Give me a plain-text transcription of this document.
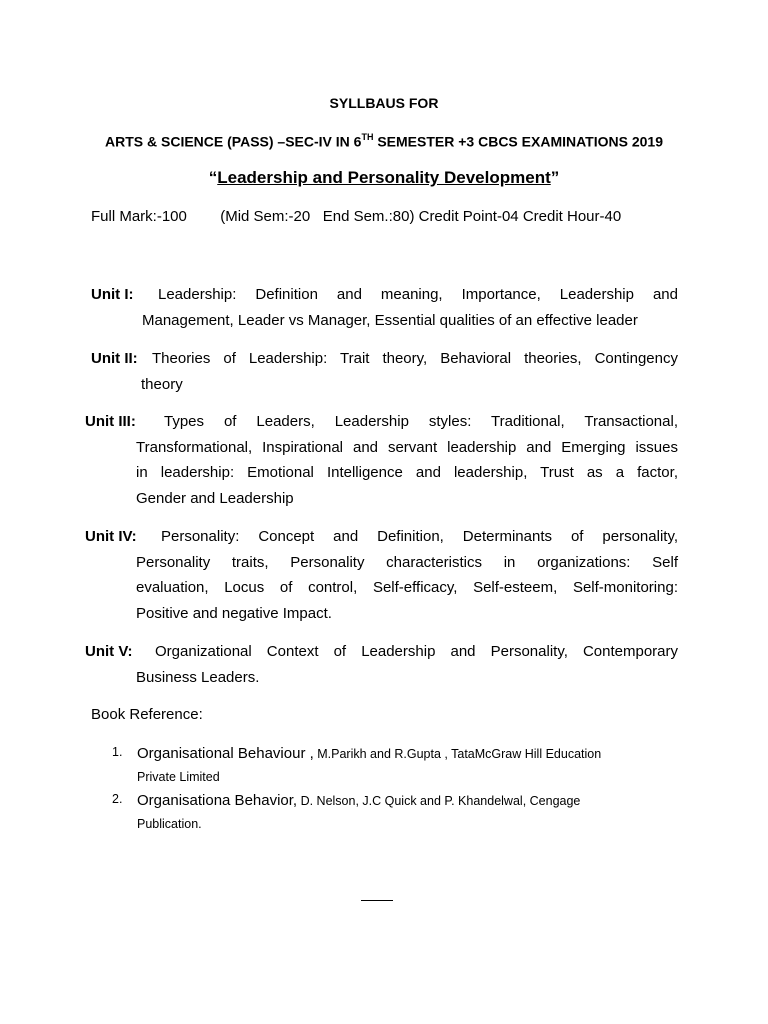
SYLLBAUS FOR
ARTS & SCIENCE (PASS) –SEC-IV IN 6TH SEMESTER +3 CBCS EXAMINATIONS 2019
“Leadership and Personality Development”
Full Mark:-100        (Mid Sem:-20   End Sem.:80) Credit Point-04 Credit Hour-40
Unit I: Leadership: Definition and meaning, Importance, Leadership and
Management, Leader vs Manager, Essential qualities of an effective leader
Unit II: Theories of Leadership: Trait theory, Behavioral theories, Contingency
theory
Unit III: Types of Leaders, Leadership styles: Traditional, Transactional,
Transformational, Inspirational and servant leadership and Emerging issues
in leadership: Emotional Intelligence and leadership, Trust as a factor,
Gender and Leadership
Unit IV: Personality: Concept and Definition, Determinants of personality,
Personality traits, Personality characteristics in organizations: Self
evaluation, Locus of control, Self-efficacy, Self-esteem, Self-monitoring:
Positive and negative Impact.
Unit V: Organizational Context of Leadership and Personality, Contemporary
Business Leaders.
Book Reference:
1. Organisational Behaviour , M.Parikh and R.Gupta , TataMcGraw Hill Education
Private Limited
2. Organisationa Behavior, D. Nelson, J.C Quick and P. Khandelwal, Cengage
Publication.
